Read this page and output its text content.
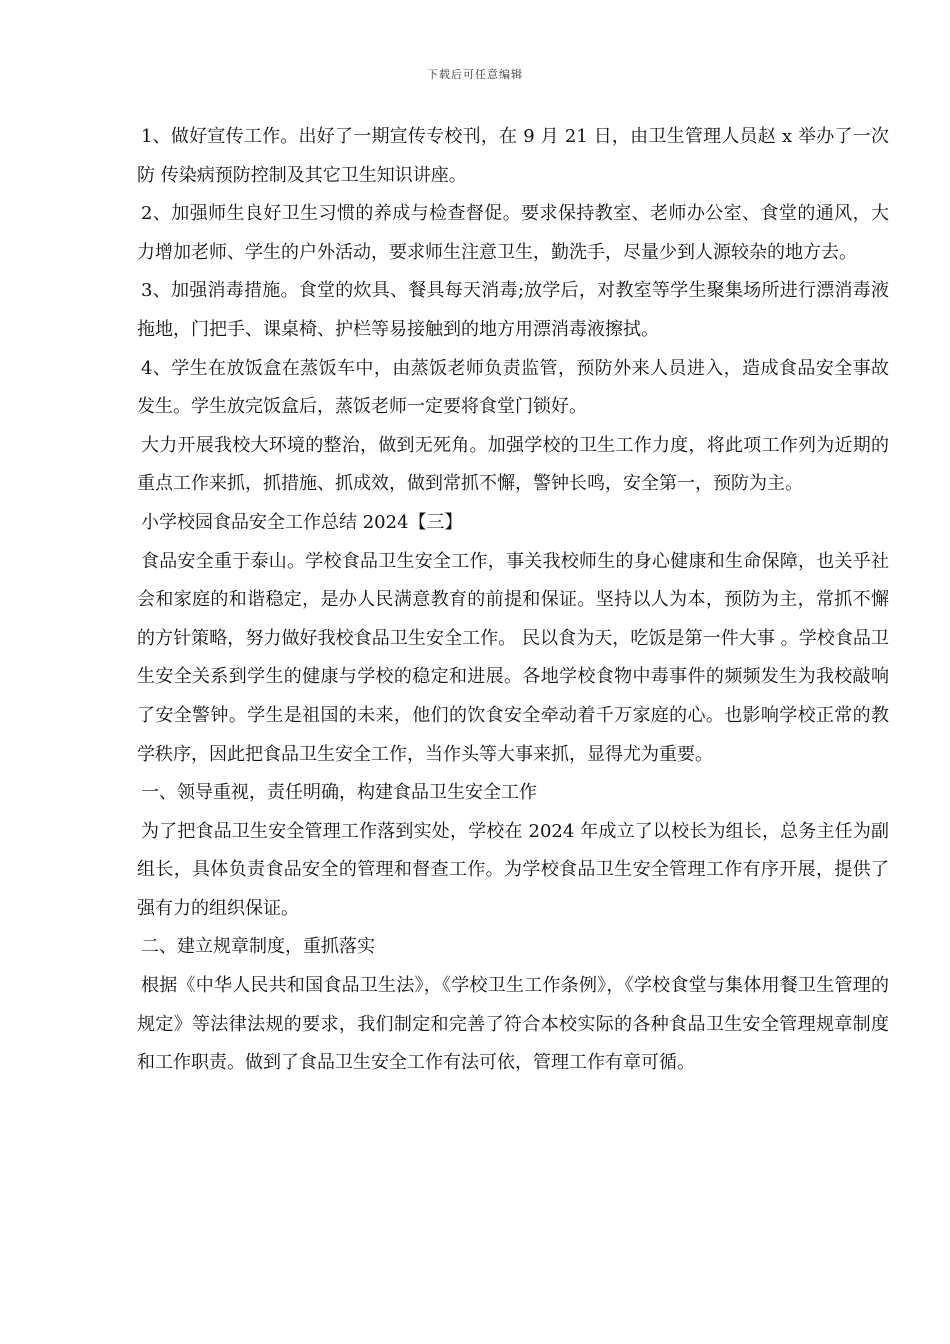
下载后可任意编辑

1、做好宣传工作。出好了一期宣传专校刊，在 9 月 21 日，由卫生管理人员赵 x 举办了一次防 传染病预防控制及其它卫生知识讲座。

2、加强师生良好卫生习惯的养成与检查督促。要求保持教室、老师办公室、食堂的通风，大力增加老师、学生的户外活动，要求师生注意卫生，勤洗手，尽量少到人源较杂的地方去。

3、加强消毒措施。食堂的炊具、餐具每天消毒;放学后，对教室等学生聚集场所进行漂消毒液拖地，门把手、课桌椅、护栏等易接触到的地方用漂消毒液擦拭。

4、学生在放饭盒在蒸饭车中，由蒸饭老师负责监管，预防外来人员进入，造成食品安全事故发生。学生放完饭盒后，蒸饭老师一定要将食堂门锁好。

大力开展我校大环境的整治，做到无死角。加强学校的卫生工作力度，将此项工作列为近期的重点工作来抓，抓措施、抓成效，做到常抓不懈，警钟长鸣，安全第一，预防为主。

小学校园食品安全工作总结 2024【三】

食品安全重于泰山。学校食品卫生安全工作，事关我校师生的身心健康和生命保障，也关乎社会和家庭的和谐稳定，是办人民满意教育的前提和保证。坚持以人为本，预防为主，常抓不懈的方针策略，努力做好我校食品卫生安全工作。 民以食为天，吃饭是第一件大事 。学校食品卫生安全关系到学生的健康与学校的稳定和进展。各地学校食物中毒事件的频频发生为我校敲响了安全警钟。学生是祖国的未来，他们的饮食安全牵动着千万家庭的心。也影响学校正常的教学秩序，因此把食品卫生安全工作，当作头等大事来抓，显得尤为重要。

一、领导重视，责任明确，构建食品卫生安全工作

为了把食品卫生安全管理工作落到实处，学校在 2024 年成立了以校长为组长，总务主任为副组长，具体负责食品安全的管理和督查工作。为学校食品卫生安全管理工作有序开展，提供了强有力的组织保证。

二、建立规章制度，重抓落实

根据《中华人民共和国食品卫生法》，《学校卫生工作条例》，《学校食堂与集体用餐卫生管理的规定》等法律法规的要求，我们制定和完善了符合本校实际的各种食品卫生安全管理规章制度和工作职责。做到了食品卫生安全工作有法可依，管理工作有章可循。
